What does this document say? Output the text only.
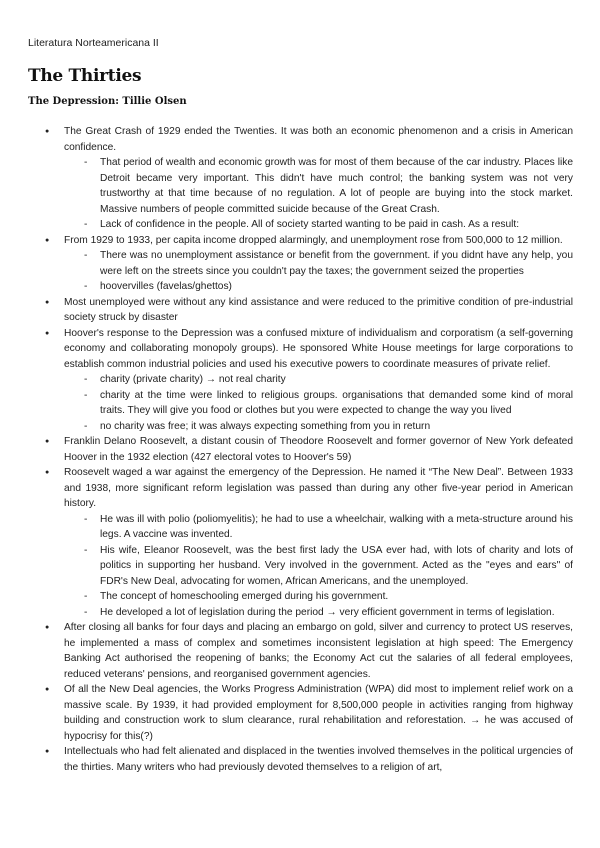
Literatura Norteamericana II
The Thirties
The Depression: Tillie Olsen
● The Great Crash of 1929 ended the Twenties. It was both an economic phenomenon and a crisis in American confidence.
- That period of wealth and economic growth was for most of them because of the car industry. Places like Detroit became very important. This didn't have much control; the banking system was not very trustworthy at that time because of no regulation. A lot of people are buying into the stock market. Massive numbers of people committed suicide because of the Great Crash.
- Lack of confidence in the people. All of society started wanting to be paid in cash. As a result:
● From 1929 to 1933, per capita income dropped alarmingly, and unemployment rose from 500,000 to 12 million.
- There was no unemployment assistance or benefit from the government. if you didnt have any help, you were left on the streets since you couldn't pay the taxes; the government seized the properties
- hoovervilles (favelas/ghettos)
● Most unemployed were without any kind assistance and were reduced to the primitive condition of pre-industrial society struck by disaster
● Hoover's response to the Depression was a confused mixture of individualism and corporatism (a self-governing economy and collaborating monopoly groups). He sponsored White House meetings for large corporations to establish common industrial policies and used his executive powers to coordinate measures of private relief.
- charity (private charity) → not real charity
- charity at the time were linked to religious groups. organisations that demanded some kind of moral traits. They will give you food or clothes but you were expected to change the way you lived
- no charity was free; it was always expecting something from you in return
● Franklin Delano Roosevelt, a distant cousin of Theodore Roosevelt and former governor of New York defeated Hoover in the 1932 election (427 electoral votes to Hoover's 59)
● Roosevelt waged a war against the emergency of the Depression. He named it “The New Deal”. Between 1933 and 1938, more significant reform legislation was passed than during any other five-year period in American history.
- He was ill with polio (poliomyelitis); he had to use a wheelchair, walking with a meta-structure around his legs. A vaccine was invented.
- His wife, Eleanor Roosevelt, was the best first lady the USA ever had, with lots of charity and lots of politics in supporting her husband. Very involved in the government. Acted as the "eyes and ears" of FDR's New Deal, advocating for women, African Americans, and the unemployed.
- The concept of homeschooling emerged during his government.
- He developed a lot of legislation during the period → very efficient government in terms of legislation.
● After closing all banks for four days and placing an embargo on gold, silver and currency to protect US reserves, he implemented a mass of complex and sometimes inconsistent legislation at high speed: The Emergency Banking Act authorised the reopening of banks; the Economy Act cut the salaries of all federal employees, reduced veterans' pensions, and reorganised government agencies.
● Of all the New Deal agencies, the Works Progress Administration (WPA) did most to implement relief work on a massive scale. By 1939, it had provided employment for 8,500,000 people in activities ranging from highway building and construction work to slum clearance, rural rehabilitation and reforestation. → he was accused of hypocrisy for this(?)
● Intellectuals who had felt alienated and displaced in the twenties involved themselves in the political urgencies of the thirties. Many writers who had previously devoted themselves to a religion of art,
